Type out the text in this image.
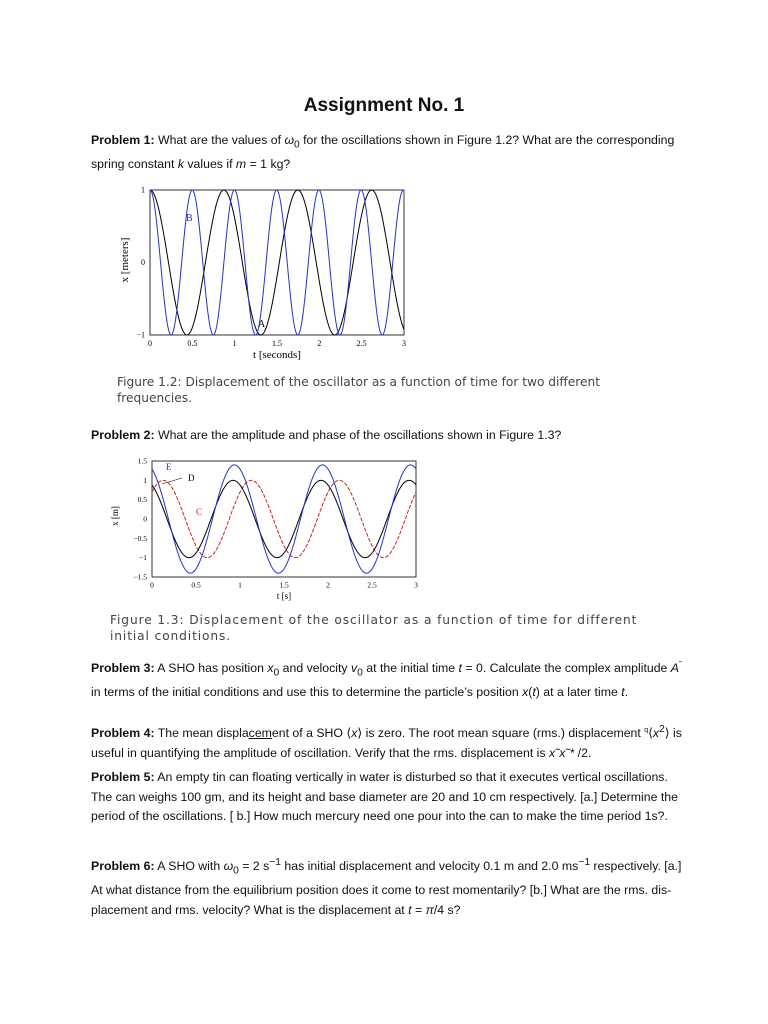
Assignment No. 1
Problem 1: What are the values of $\omega_0$ for the oscillations shown in Figure 1.2? What are the corresponding spring constant k values if m = 1 kg?
0	0.5	1	1.5	2	2.5	3
−1
0
1
x [meters]
t [seconds]
A
B
Figure 1.2: Displacement of the oscillator as a function of time for two different frequencies.
Problem 2: What are the amplitude and phase of the oscillations shown in Figure 1.3?
0	0.5	1	1.5	2	2.5	3
−1.5
−1
−0.5
0
0.5
1
1.5
x [m]
t [s]
C
D
E
Figure 1.3: Displacement of the oscillator as a function of time for different initial conditions.
Problem 3: A SHO has position $x_0$ and velocity $v_0$ at the initial time t = 0. Calculate the complex amplitude A˜ in terms of the initial conditions and use this to determine the particle’s position x(t) at a later time t.
Problem 4: The mean displacement of a SHO ⟨x⟩ is zero. The root mean square (rms.) displacement $^q⟨x^2⟩$ is useful in quantifying the amplitude of oscillation. Verify that the rms. displacement is x˜x˜* /2.
Problem 5: An empty tin can floating vertically in water is disturbed so that it executes vertical oscillations. The can weighs 100 gm, and its height and base diameter are 20 and 10 cm respectively. [a.] Determine the period of the oscillations. [ b.] How much mercury need one pour into the can to make the time period 1s?.
Problem 6: A SHO with $\omega_0 = 2$ $s^{-1}$ has initial displacement and velocity 0.1 m and 2.0 $ms^{-1}$ respectively. [a.] At what distance from the equilibrium position does it come to rest momentarily? [b.] What are the rms. dis- placement and rms. velocity? What is the displacement at t = π/4 s?
